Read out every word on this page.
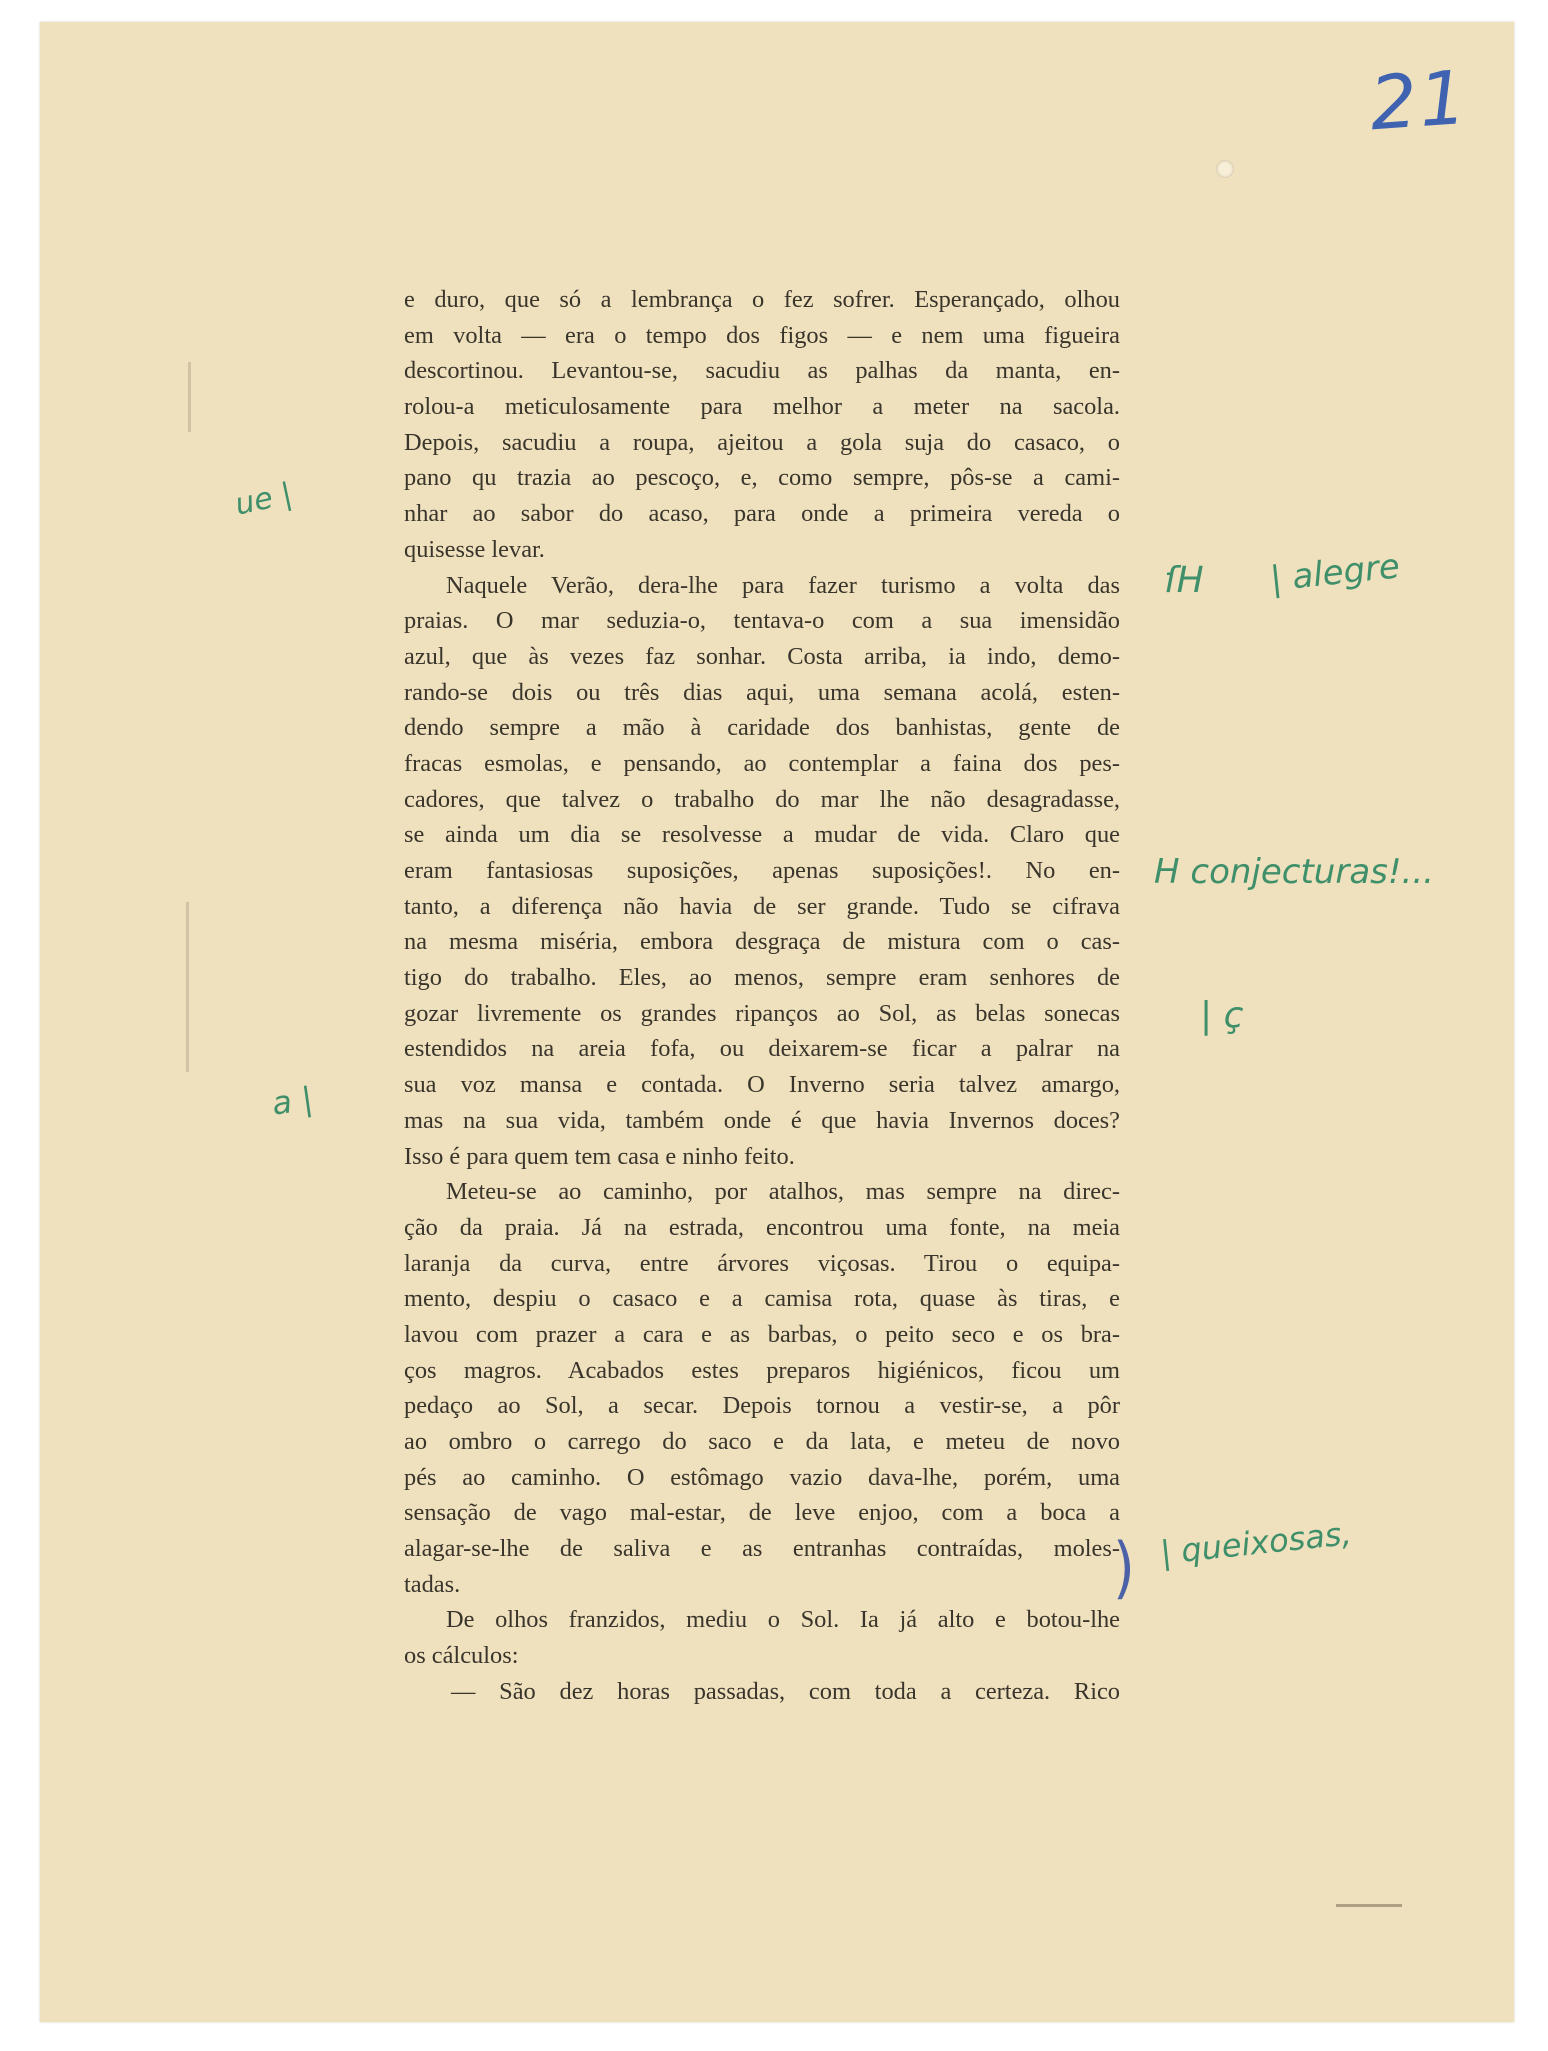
21
e duro, que só a lembrança o fez sofrer. Esperançado, olhou
em volta — era o tempo dos figos — e nem uma figueira
descortinou. Levantou-se, sacudiu as palhas da manta, en-
rolou-a meticulosamente para melhor a meter na sacola.
Depois, sacudiu a roupa, ajeitou a gola suja do casaco, o
pano qu trazia ao pescoço, e, como sempre, pôs-se a cami-
nhar ao sabor do acaso, para onde a primeira vereda o
quisesse levar.
Naquele Verão, dera-lhe para fazer turismo a volta das
praias. O mar seduzia-o, tentava-o com a sua imensidão
azul, que às vezes faz sonhar. Costa arriba, ia indo, demo-
rando-se dois ou três dias aqui, uma semana acolá, esten-
dendo sempre a mão à caridade dos banhistas, gente de
fracas esmolas, e pensando, ao contemplar a faina dos pes-
cadores, que talvez o trabalho do mar lhe não desagradasse,
se ainda um dia se resolvesse a mudar de vida. Claro que
eram fantasiosas suposições, apenas suposições!. No en-
tanto, a diferença não havia de ser grande. Tudo se cifrava
na mesma miséria, embora desgraça de mistura com o cas-
tigo do trabalho. Eles, ao menos, sempre eram senhores de
gozar livremente os grandes ripanços ao Sol, as belas sonecas
estendidos na areia fofa, ou deixarem-se ficar a palrar na
sua voz mansa e contada. O Inverno seria talvez amargo,
mas na sua vida, também onde é que havia Invernos doces?
Isso é para quem tem casa e ninho feito.
Meteu-se ao caminho, por atalhos, mas sempre na direc-
ção da praia. Já na estrada, encontrou uma fonte, na meia
laranja da curva, entre árvores viçosas. Tirou o equipa-
mento, despiu o casaco e a camisa rota, quase às tiras, e
lavou com prazer a cara e as barbas, o peito seco e os bra-
ços magros. Acabados estes preparos higiénicos, ficou um
pedaço ao Sol, a secar. Depois tornou a vestir-se, a pôr
ao ombro o carrego do saco e da lata, e meteu de novo
pés ao caminho. O estômago vazio dava-lhe, porém, uma
sensação de vago mal-estar, de leve enjoo, com a boca a
alagar-se-lhe de saliva e as entranhas contraídas, moles-
tadas.
De olhos franzidos, mediu o Sol. Ia já alto e botou-lhe
os cálculos:
— São dez horas passadas, com toda a certeza. Rico
ue |
ſH | alegre
H conjecturas!...
| ç
a |
) | queixosas,
